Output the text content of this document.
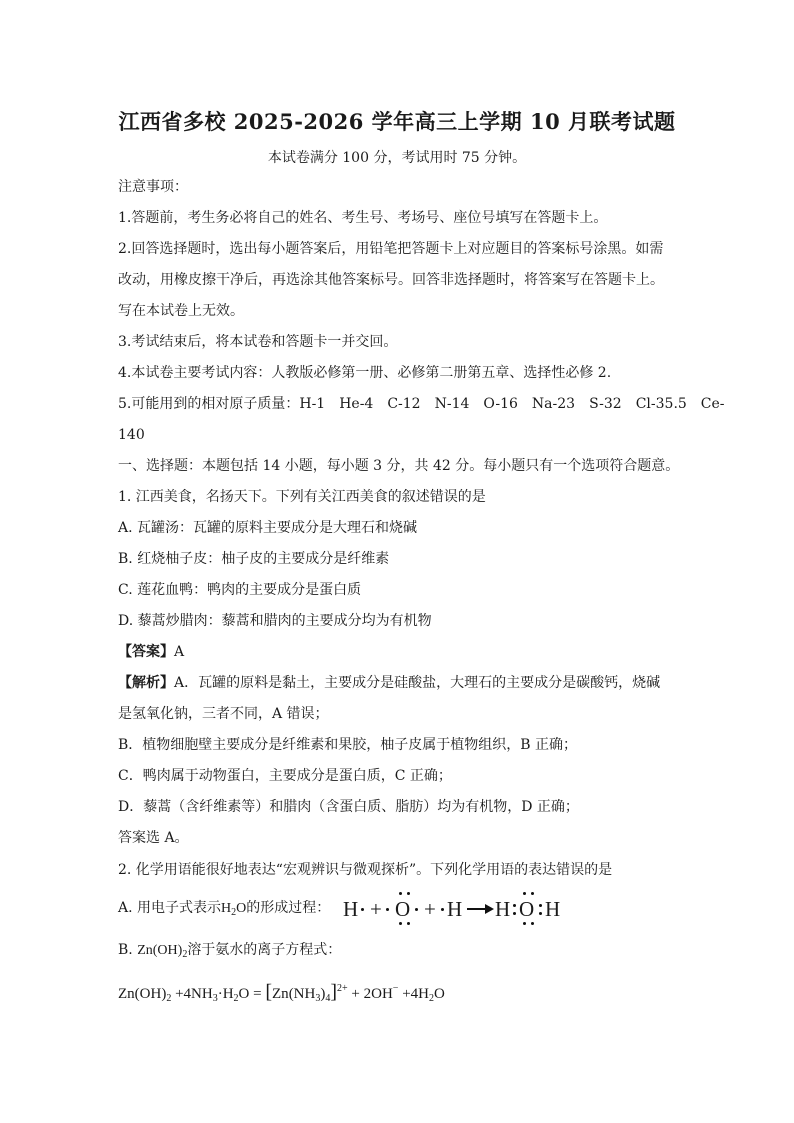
江西省多校 2025-2026 学年高三上学期 10 月联考试题
本试卷满分 100 分，考试用时 75 分钟。
注意事项：
1.答题前，考生务必将自己的姓名、考生号、考场号、座位号填写在答题卡上。
2.回答选择题时，选出每小题答案后，用铅笔把答题卡上对应题目的答案标号涂黑。如需
改动，用橡皮擦干净后，再选涂其他答案标号。回答非选择题时，将答案写在答题卡上。
写在本试卷上无效。
3.考试结束后，将本试卷和答题卡一并交回。
4.本试卷主要考试内容：人教版必修第一册、必修第二册第五章、选择性必修 2.
5.可能用到的相对原子质量：H-1　He-4　C-12　N-14　O-16　Na-23　S-32　Cl-35.5　Ce-
140
一、选择题：本题包括 14 小题，每小题 3 分，共 42 分。每小题只有一个选项符合题意。
1. 江西美食，名扬天下。下列有关江西美食的叙述错误的是
A. 瓦罐汤：瓦罐的原料主要成分是大理石和烧碱
B. 红烧柚子皮：柚子皮的主要成分是纤维素
C. 莲花血鸭：鸭肉的主要成分是蛋白质
D. 藜蒿炒腊肉：藜蒿和腊肉的主要成分均为有机物
【答案】A
【解析】A．瓦罐的原料是黏土，主要成分是硅酸盐，大理石的主要成分是碳酸钙，烧碱
是氢氧化钠，三者不同，A 错误；
B．植物细胞壁主要成分是纤维素和果胶，柚子皮属于植物组织，B 正确；
C．鸭肉属于动物蛋白，主要成分是蛋白质，C 正确；
D．藜蒿（含纤维素等）和腊肉（含蛋白质、脂肪）均为有机物，D 正确；
答案选 A。
2. 化学用语能很好地表达“宏观辨识与微观探析”。下列化学用语的表达错误的是
A. 用电子式表示$H_2O$的形成过程： H + O + H H O H
B. $Zn(OH)_2$溶于氨水的离子方程式：
$Zn(OH)_2 +4NH_3\cdot H_2O = [Zn(NH_3)_4]^{2+} + 2OH^- +4H_2O$
